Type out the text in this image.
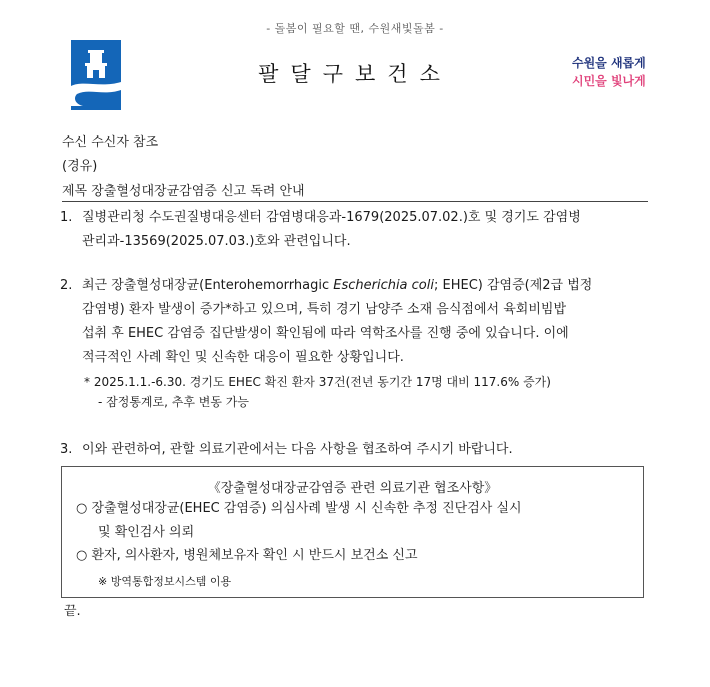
- 돌봄이 필요할 땐, 수원새빛돌봄 -
팔달구보건소	수원을 새롭게
시민을 빛나게
수신 수신자 참조
(경유)
제목 장출혈성대장균감염증 신고 독려 안내
1. 질병관리청 수도권질병대응센터 감염병대응과-1679(2025.07.02.)호 및 경기도 감염병
관리과-13569(2025.07.03.)호와 관련입니다.
2. 최근 장출혈성대장균(Enterohemorrhagic Escherichia coli; EHEC) 감염증(제2급 법정
감염병) 환자 발생이 증가*하고 있으며, 특히 경기 남양주 소재 음식점에서 육회비빔밥
섭취 후 EHEC 감염증 집단발생이 확인됨에 따라 역학조사를 진행 중에 있습니다. 이에
적극적인 사례 확인 및 신속한 대응이 필요한 상황입니다.
* 2025.1.1.-6.30. 경기도 EHEC 확진 환자 37건(전년 동기간 17명 대비 117.6% 증가)
- 잠정통계로, 추후 변동 가능
3. 이와 관련하여, 관할 의료기관에서는 다음 사항을 협조하여 주시기 바랍니다.
《장출혈성대장균감염증 관련 의료기관 협조사항》
○ 장출혈성대장균(EHEC 감염증) 의심사례 발생 시 신속한 추정 진단검사 실시
및 확인검사 의뢰
○ 환자, 의사환자, 병원체보유자 확인 시 반드시 보건소 신고
※ 방역통합정보시스템 이용
끝.
